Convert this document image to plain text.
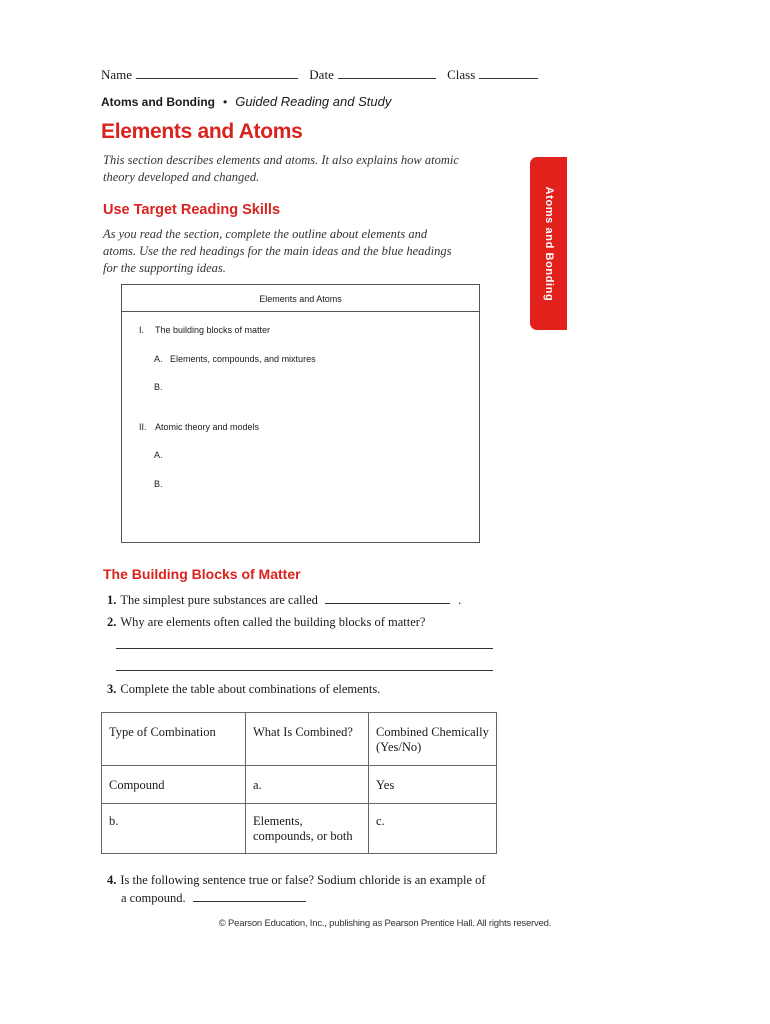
Name	Date	Class
Atoms and Bonding • Guided Reading and Study
Elements and Atoms
This section describes elements and atoms. It also explains how atomic theory developed and changed.
Use Target Reading Skills
As you read the section, complete the outline about elements and atoms. Use the red headings for the main ideas and the blue headings for the supporting ideas.	Atoms and Bonding
Elements and Atoms
I. The building blocks of matter
A. Elements, compounds, and mixtures
B.
II. Atomic theory and models
A.
B.
The Building Blocks of Matter
1. The simplest pure substances are called	.
2. Why are elements often called the building blocks of matter?
3. Complete the table about combinations of elements.
Type of Combination	What Is Combined?	Combined Chemically (Yes/No)
Compound	a.	Yes
b.	Elements, compounds, or both	c.
4. Is the following sentence true or false? Sodium chloride is an example of
a compound.
© Pearson Education, Inc., publishing as Pearson Prentice Hall. All rights reserved.
